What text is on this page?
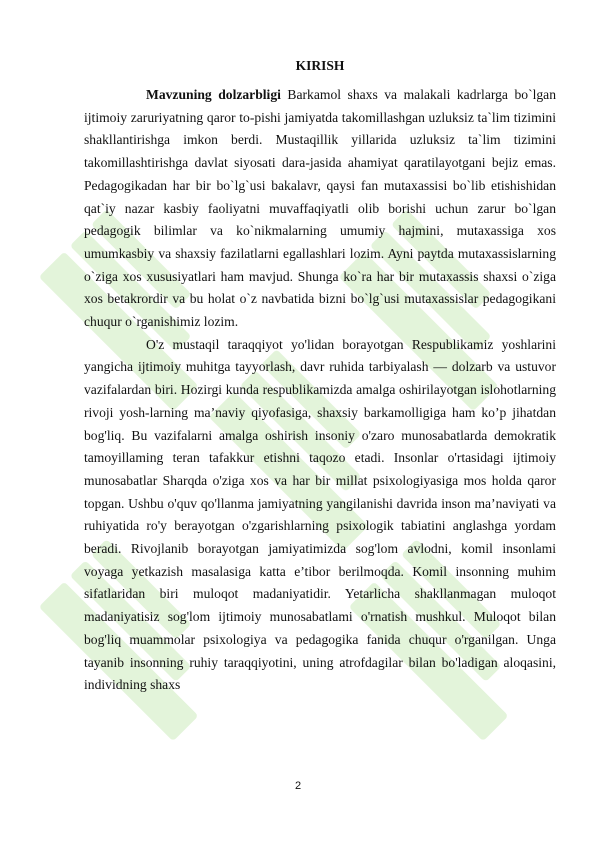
KIRISH

Mavzuning dolzarbligi Barkamol shaxs va malakali kadrlarga bo`lgan ijtimoiy zaruriyatning qaror to-pishi jamiyatda takomillashgan uzluksiz ta`lim tizimini shakllantirishga imkon berdi. Mustaqillik yillarida uzluksiz ta`lim tizimini takomillashtirishga davlat siyosati dara-jasida ahamiyat qaratilayotgani bejiz emas. Pedagogikadan har bir bo`lg`usi bakalavr, qaysi fan mutaxassisi bo`lib etishishidan qat`iy nazar kasbiy faoliyatni muvaffaqiyatli olib borishi uchun zarur bo`lgan pedagogik bilimlar va ko`nikmalarning umumiy hajmini, mutaxassiga xos umumkasbiy va shaxsiy fazilatlarni egallashlari lozim. Ayni paytda mutaxassislarning o`ziga xos xususiyatlari ham mavjud. Shunga ko`ra har bir mutaxassis shaxsi o`ziga xos betakrordir va bu holat o`z navbatida bizni bo`lg`usi mutaxassislar pedagogikani chuqur o`rganishimiz lozim.

O'z mustaqil taraqqiyot yo'lidan borayotgan Respublikamiz yoshlarini yangicha ijtimoiy muhitga tayyorlash, davr ruhida tarbiyalash — dolzarb va ustuvor vazifalardan biri. Hozirgi kunda respublikamizda amalga oshirilayotgan islohotlarning rivoji yosh-larning ma’naviy qiyofasiga, shaxsiy barkamolligiga ham ko’p jihatdan bog'liq. Bu vazifalarni amalga oshirish insoniy o'zaro munosabatlarda demokratik tamoyillaming teran tafakkur etishni taqozo etadi. Insonlar o'rtasidagi ijtimoiy munosabatlar Sharqda o'ziga xos va har bir millat psixologiyasiga mos holda qaror topgan. Ushbu o'quv qo'llanma jamiyatning yangilanishi davrida inson ma’naviyati va ruhiyatida ro'y berayotgan o'zgarishlarning psixologik tabiatini anglashga yordam beradi. Rivojlanib borayotgan jamiyatimizda sog'lom avlodni, komil insonlami voyaga yetkazish masalasiga katta e’tibor berilmoqda. Komil insonning muhim sifatlaridan biri muloqot madaniyatidir. Yetarlicha shakllanmagan muloqot madaniyatisiz sog'lom ijtimoiy munosabatlami o'rnatish mushkul. Muloqot bilan bog'liq muammolar psixologiya va pedagogika fanida chuqur o'rganilgan. Unga tayanib insonning ruhiy taraqqiyotini, uning atrofdagilar bilan bo'ladigan aloqasini, individning shaxs

2
